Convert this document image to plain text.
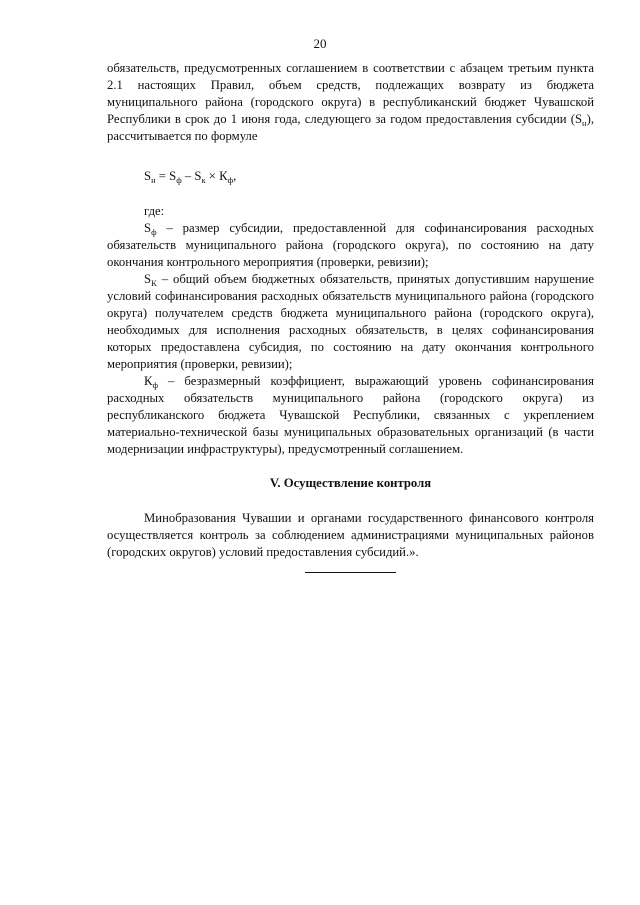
20

обязательств, предусмотренных соглашением в соответствии с абзацем третьим пункта 2.1 настоящих Правил, объем средств, подлежащих возврату из бюджета муниципального района (городского округа) в республиканский бюджет Чувашской Республики в срок до 1 июня года, следующего за годом предоставления субсидии $(S_н)$, рассчитывается по формуле

$S_н = S_ф - S_к \times К_ф$,

где:

$S_ф$ – размер субсидии, предоставленной для софинансирования расходных обязательств муниципального района (городского округа), по состоянию на дату окончания контрольного мероприятия (проверки, ревизии);

$S_К$ – общий объем бюджетных обязательств, принятых допустившим нарушение условий софинансирования расходных обязательств муниципального района (городского округа) получателем средств бюджета муниципального района (городского округа), необходимых для исполнения расходных обязательств, в целях софинансирования которых предоставлена субсидия, по состоянию на дату окончания контрольного мероприятия (проверки, ревизии);

$К_ф$ – безразмерный коэффициент, выражающий уровень софинансирования расходных обязательств муниципального района (городского округа) из республиканского бюджета Чувашской Республики, связанных с укреплением материально-технической базы муниципальных образовательных организаций (в части модернизации инфраструктуры), предусмотренный соглашением.

V. Осуществление контроля

Минобразования Чувашии и органами государственного финансового контроля осуществляется контроль за соблюдением администрациями муниципальных районов (городских округов) условий предоставления субсидий.».
